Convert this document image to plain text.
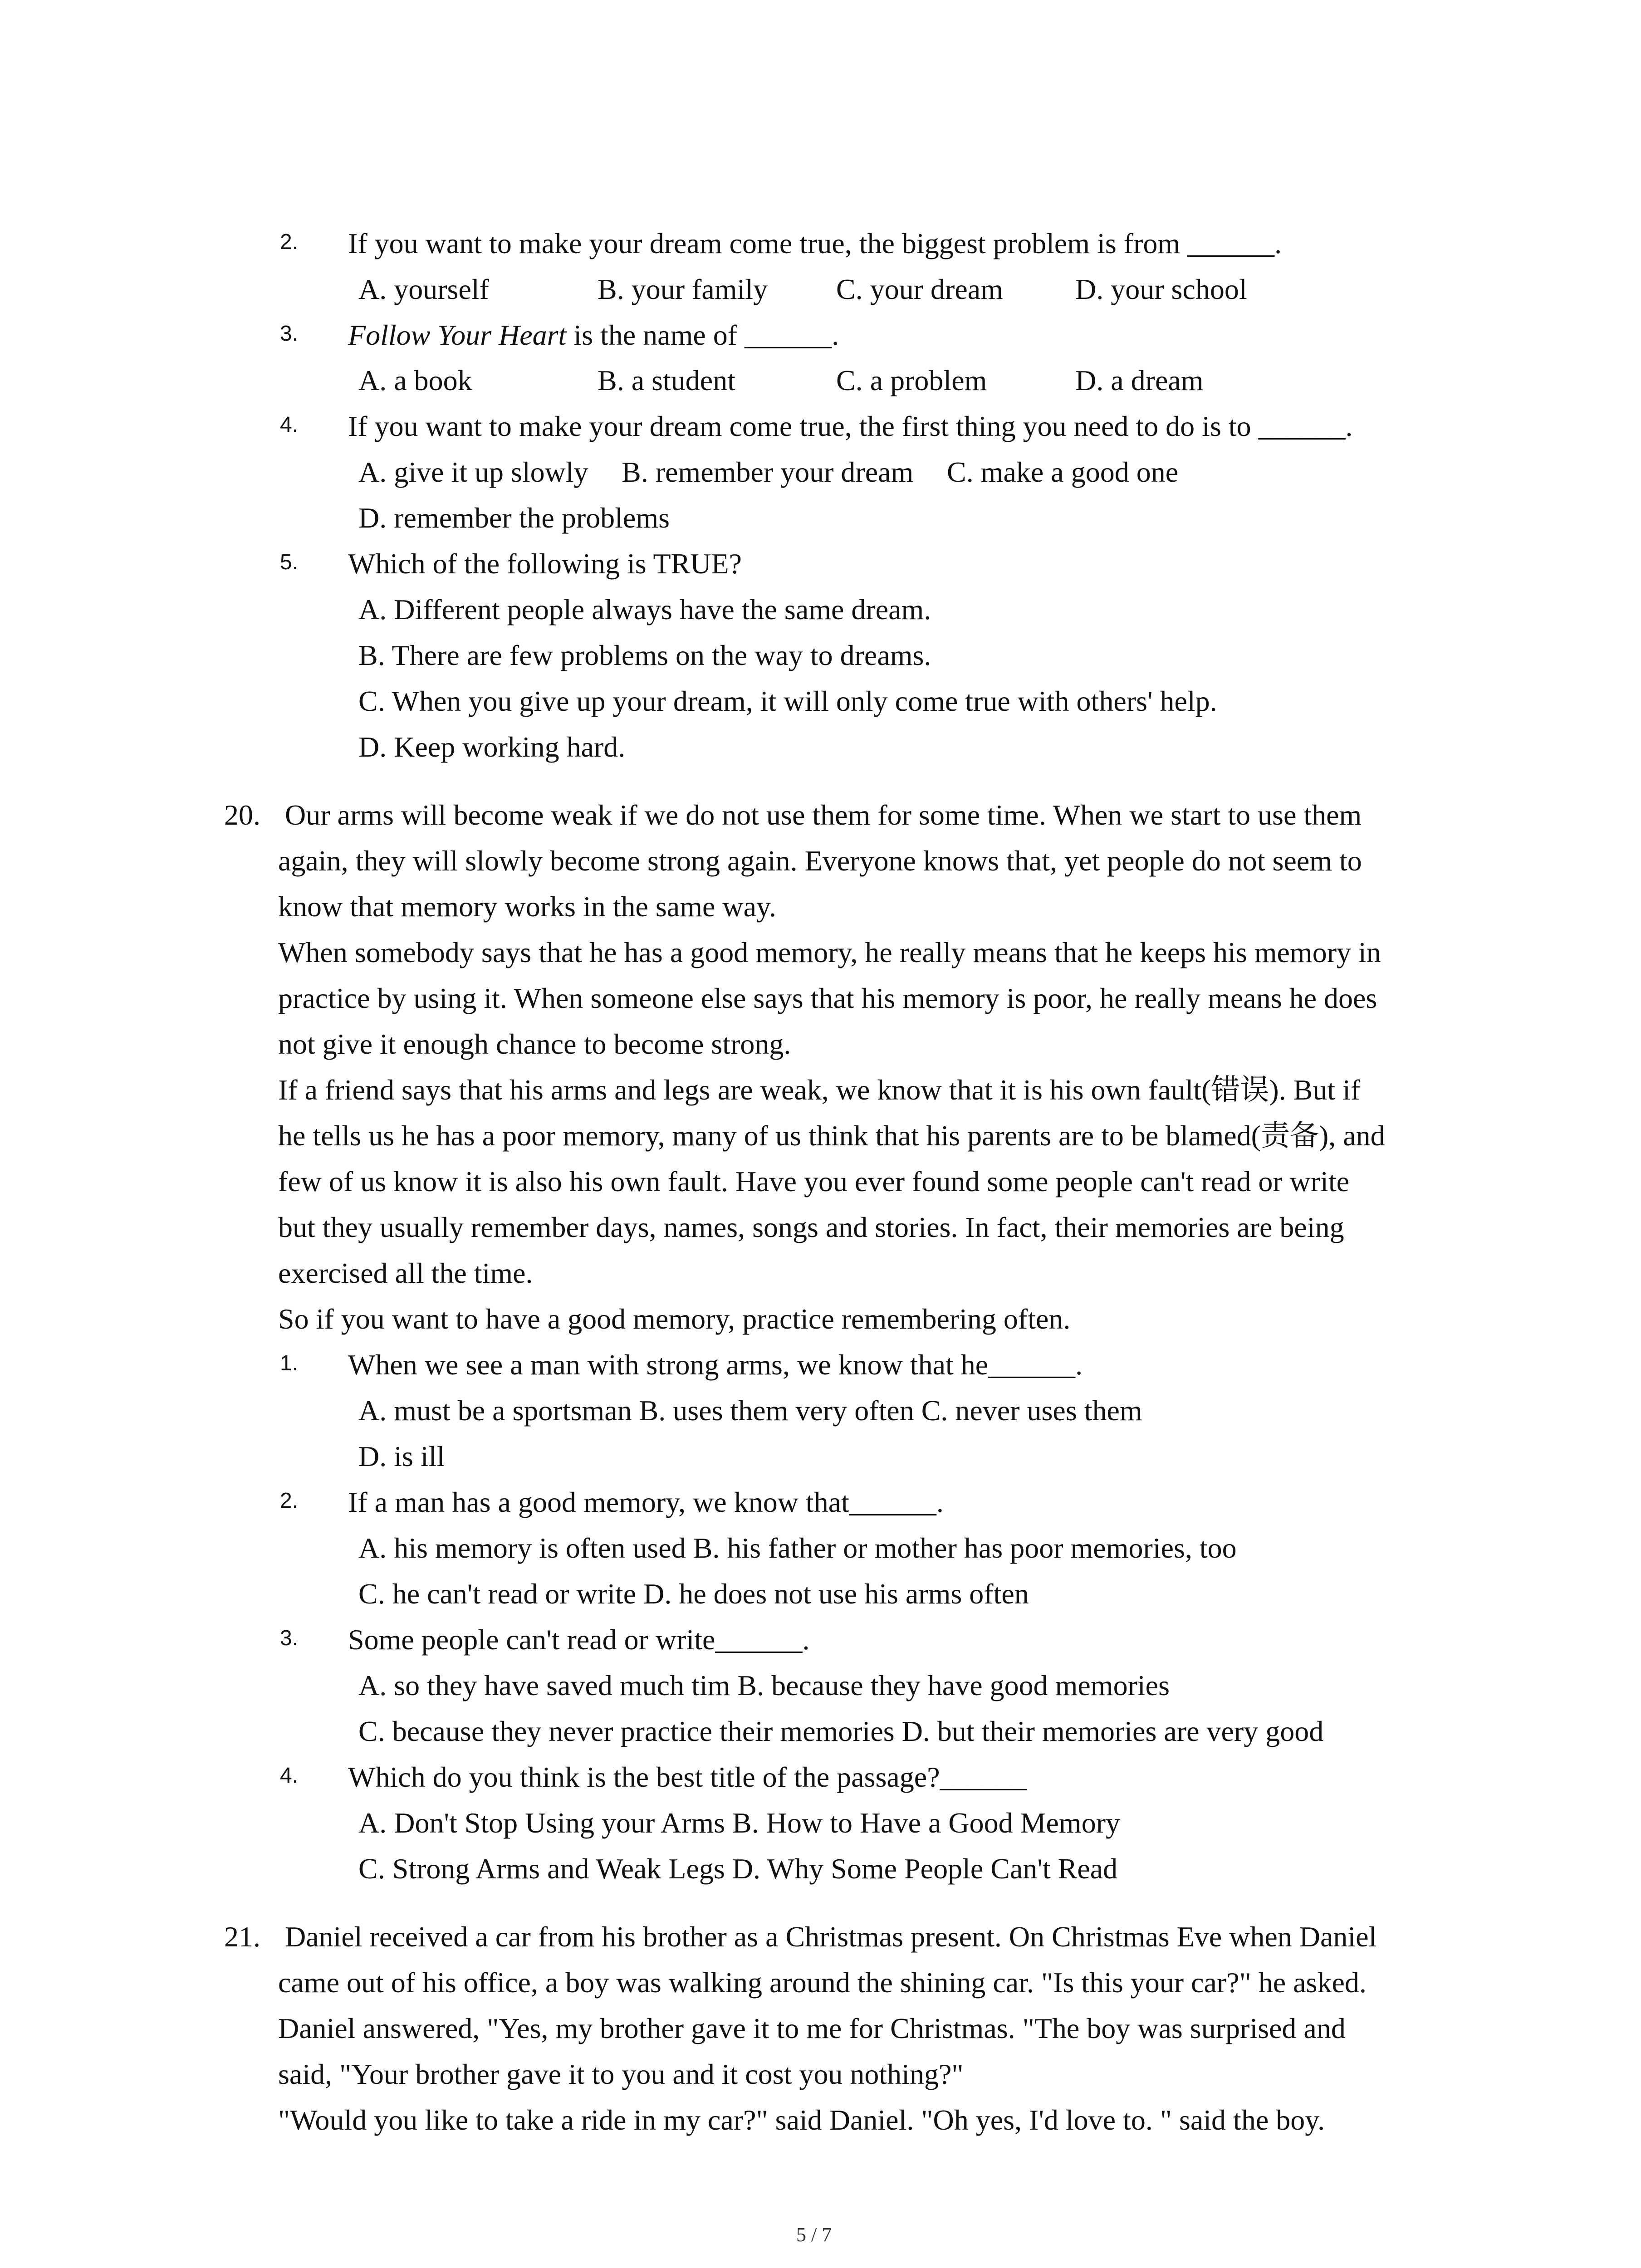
2. If you want to make your dream come true, the biggest problem is from ______.
A. yourself	B. your family C. your dream D. your school
3. Follow Your Heart is the name of ______.
A. a book	B. a student	C. a problem	D. a dream
4. If you want to make your dream come true, the first thing you need to do is to ______.
A. give it up slowly B. remember your dream C. make a good one
D. remember the problems
5. Which of the following is TRUE?
A. Different people always have the same dream.
B. There are few problems on the way to dreams.
C. When you give up your dream, it will only come true with others' help.
D. Keep working hard.
20. Our arms will become weak if we do not use them for some time. When we start to use them
again, they will slowly become strong again. Everyone knows that, yet people do not seem to
know that memory works in the same way.
When somebody says that he has a good memory, he really means that he keeps his memory in
practice by using it. When someone else says that his memory is poor, he really means he does
not give it enough chance to become strong.
If a friend says that his arms and legs are weak, we know that it is his own fault(错误). But if
he tells us he has a poor memory, many of us think that his parents are to be blamed(责备), and
few of us know it is also his own fault. Have you ever found some people can't read or write
but they usually remember days, names, songs and stories. In fact, their memories are being
exercised all the time.
So if you want to have a good memory, practice remembering often.
1. When we see a man with strong arms, we know that he______.
A. must be a sportsman B. uses them very often C. never uses them
D. is ill
2. If a man has a good memory, we know that______.
A. his memory is often used B. his father or mother has poor memories, too
C. he can't read or write D. he does not use his arms often
3. Some people can't read or write______.
A. so they have saved much tim B. because they have good memories
C. because they never practice their memories D. but their memories are very good
4. Which do you think is the best title of the passage?______
A. Don't Stop Using your Arms B. How to Have a Good Memory
C. Strong Arms and Weak Legs D. Why Some People Can't Read
21. Daniel received a car from his brother as a Christmas present. On Christmas Eve when Daniel
came out of his office, a boy was walking around the shining car. "Is this your car?" he asked.
Daniel answered, "Yes, my brother gave it to me for Christmas. "The boy was surprised and
said, "Your brother gave it to you and it cost you nothing?"
"Would you like to take a ride in my car?" said Daniel. "Oh yes, I'd love to. " said the boy.
5 / 7
